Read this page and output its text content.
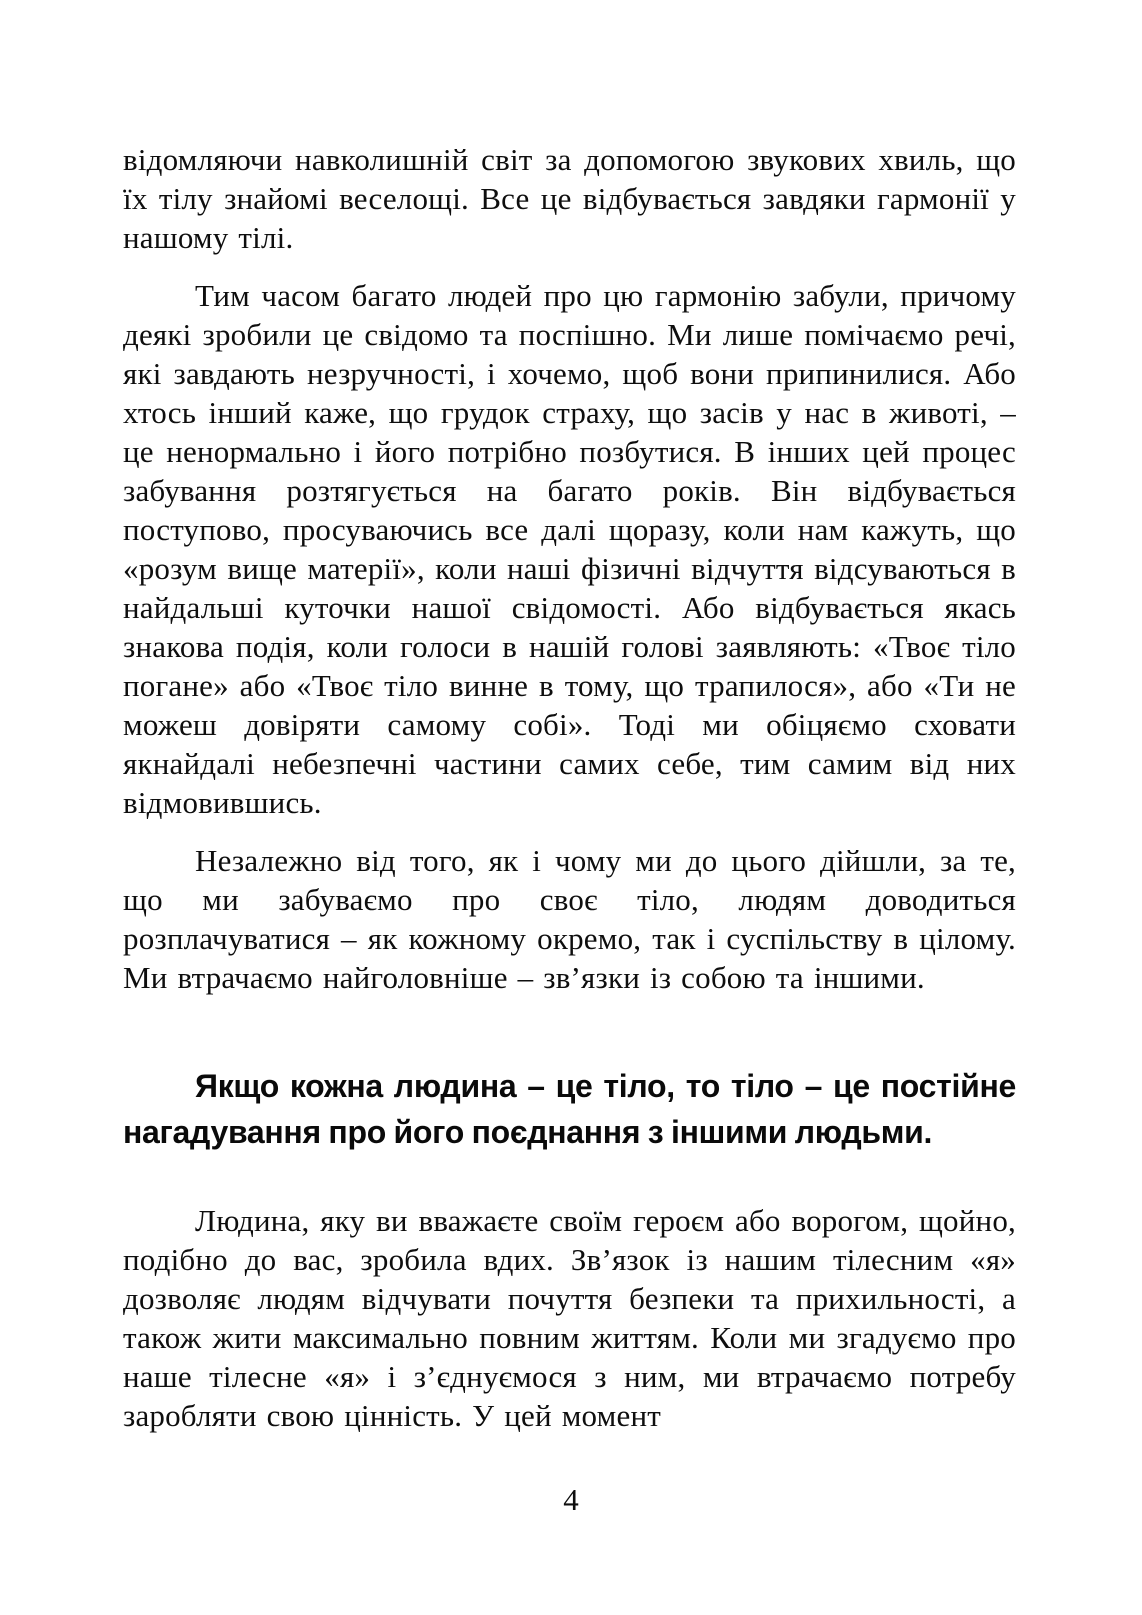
відомляючи навколишній світ за допомогою звукових хвиль, що їх тілу знайомі веселощі. Все це відбувається завдяки гармонії у нашому тілі.

Тим часом багато людей про цю гармонію забули, причому деякі зробили це свідомо та поспішно. Ми лише помічаємо речі, які завдають незручності, і хочемо, щоб вони припинилися. Або хтось інший каже, що грудок страху, що засів у нас в животі, – це ненормально і його потрібно позбутися. В інших цей процес забування розтягується на багато років. Він відбувається поступово, просуваючись все далі щоразу, коли нам кажуть, що «розум вище матерії», коли наші фізичні відчуття відсуваються в найдальші куточки нашої свідомості. Або відбувається якась знакова подія, коли голоси в нашій голові заявляють: «Твоє тіло погане» або «Твоє тіло винне в тому, що трапилося», або «Ти не можеш довіряти самому собі». Тоді ми обіцяємо сховати якнайдалі небезпечні частини самих себе, тим самим від них відмовившись.

Незалежно від того, як і чому ми до цього дійшли, за те, що ми забуваємо про своє тіло, людям доводиться розплачуватися – як кожному окремо, так і суспільству в цілому. Ми втрачаємо найголовніше – зв’язки із собою та іншими.

Якщо кожна людина – це тіло, то тіло – це постійне нагадування про його поєднання з іншими людьми.

Людина, яку ви вважаєте своїм героєм або ворогом, щойно, подібно до вас, зробила вдих. Зв’язок із нашим тілесним «я» дозволяє людям відчувати почуття безпеки та прихильності, а також жити максимально повним життям. Коли ми згадуємо про наше тілесне «я» і з’єднуємося з ним, ми втрачаємо потребу заробляти свою цінність. У цей момент

4
